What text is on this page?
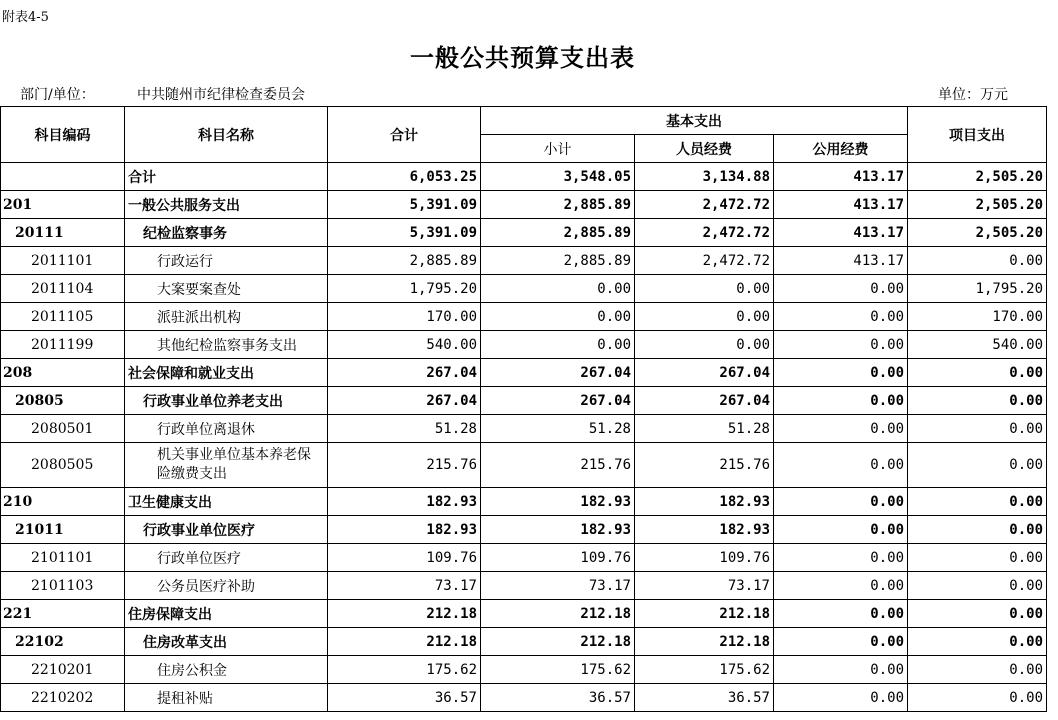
附表4-5
一般公共预算支出表
部门/单位：	中共随州市纪律检查委员会	单位：万元
科目编码	科目名称	合计	基本支出			项目支出
			小计	人员经费	公用经费	
	合计	6,053.25	3,548.05	3,134.88	413.17	2,505.20
201	一般公共服务支出	5,391.09	2,885.89	2,472.72	413.17	2,505.20
20111	纪检监察事务	5,391.09	2,885.89	2,472.72	413.17	2,505.20
2011101	行政运行	2,885.89	2,885.89	2,472.72	413.17	0.00
2011104	大案要案查处	1,795.20	0.00	0.00	0.00	1,795.20
2011105	派驻派出机构	170.00	0.00	0.00	0.00	170.00
2011199	其他纪检监察事务支出	540.00	0.00	0.00	0.00	540.00
208	社会保障和就业支出	267.04	267.04	267.04	0.00	0.00
20805	行政事业单位养老支出	267.04	267.04	267.04	0.00	0.00
2080501	行政单位离退休	51.28	51.28	51.28	0.00	0.00
2080505	机关事业单位基本养老保险缴费支出	215.76	215.76	215.76	0.00	0.00
210	卫生健康支出	182.93	182.93	182.93	0.00	0.00
21011	行政事业单位医疗	182.93	182.93	182.93	0.00	0.00
2101101	行政单位医疗	109.76	109.76	109.76	0.00	0.00
2101103	公务员医疗补助	73.17	73.17	73.17	0.00	0.00
221	住房保障支出	212.18	212.18	212.18	0.00	0.00
22102	住房改革支出	212.18	212.18	212.18	0.00	0.00
2210201	住房公积金	175.62	175.62	175.62	0.00	0.00
2210202	提租补贴	36.57	36.57	36.57	0.00	0.00
